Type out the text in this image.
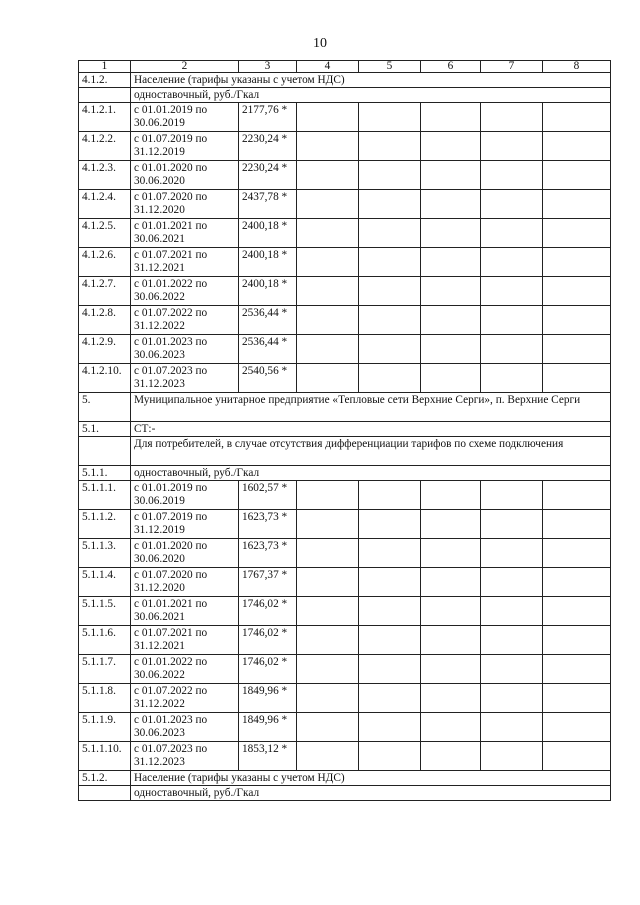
10
1	2	3	4	5	6	7	8
4.1.2.	Население (тарифы указаны с учетом НДС)						
	одноставочный, руб./Гкал						
4.1.2.1.	с 01.01.2019 по 30.06.2019	2177,76 *					
4.1.2.2.	с 01.07.2019 по 31.12.2019	2230,24 *					
4.1.2.3.	с 01.01.2020 по 30.06.2020	2230,24 *					
4.1.2.4.	с 01.07.2020 по 31.12.2020	2437,78 *					
4.1.2.5.	с 01.01.2021 по 30.06.2021	2400,18 *					
4.1.2.6.	с 01.07.2021 по 31.12.2021	2400,18 *					
4.1.2.7.	с 01.01.2022 по 30.06.2022	2400,18 *					
4.1.2.8.	с 01.07.2022 по 31.12.2022	2536,44 *					
4.1.2.9.	с 01.01.2023 по 30.06.2023	2536,44 *					
4.1.2.10.	с 01.07.2023 по 31.12.2023	2540,56 *					
5.	Муниципальное унитарное предприятие «Тепловые сети Верхние Серги», п. Верхние Серги						
5.1.	СТ:-						
	Для потребителей, в случае отсутствия дифференциации тарифов по схеме подключения						
5.1.1.	одноставочный, руб./Гкал						
5.1.1.1.	с 01.01.2019 по 30.06.2019	1602,57 *					
5.1.1.2.	с 01.07.2019 по 31.12.2019	1623,73 *					
5.1.1.3.	с 01.01.2020 по 30.06.2020	1623,73 *					
5.1.1.4.	с 01.07.2020 по 31.12.2020	1767,37 *					
5.1.1.5.	с 01.01.2021 по 30.06.2021	1746,02 *					
5.1.1.6.	с 01.07.2021 по 31.12.2021	1746,02 *					
5.1.1.7.	с 01.01.2022 по 30.06.2022	1746,02 *					
5.1.1.8.	с 01.07.2022 по 31.12.2022	1849,96 *					
5.1.1.9.	с 01.01.2023 по 30.06.2023	1849,96 *					
5.1.1.10.	с 01.07.2023 по 31.12.2023	1853,12 *					
5.1.2.	Население (тарифы указаны с учетом НДС)						
	одноставочный, руб./Гкал						
